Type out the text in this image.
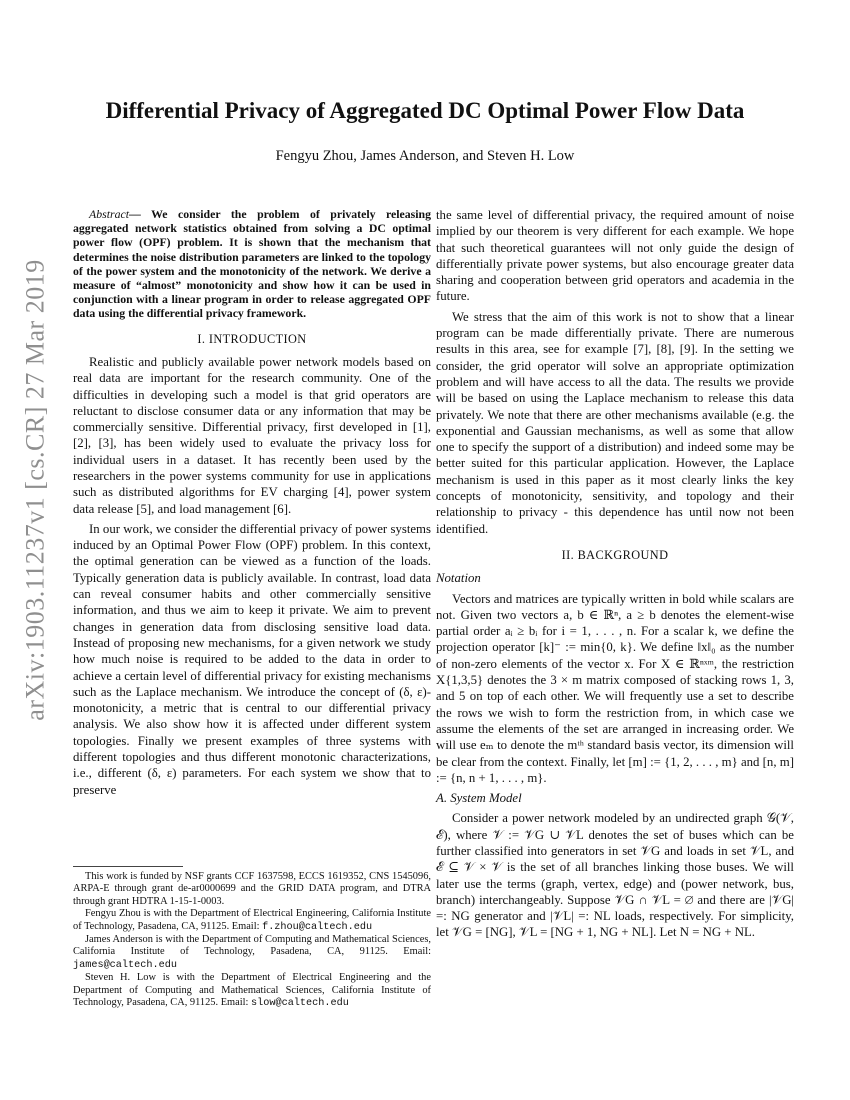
arXiv:1903.11237v1 [cs.CR] 27 Mar 2019
Differential Privacy of Aggregated DC Optimal Power Flow Data
Fengyu Zhou, James Anderson, and Steven H. Low

Abstract— We consider the problem of privately releasing aggregated network statistics obtained from solving a DC optimal power flow (OPF) problem. It is shown that the mechanism that determines the noise distribution parameters are linked to the topology of the power system and the monotonicity of the network. We derive a measure of “almost” monotonicity and show how it can be used in conjunction with a linear program in order to release aggregated OPF data using the differential privacy framework.

I. INTRODUCTION

Realistic and publicly available power network models based on real data are important for the research community. One of the difficulties in developing such a model is that grid operators are reluctant to disclose consumer data or any information that may be commercially sensitive. Differential privacy, first developed in [1], [2], [3], has been widely used to evaluate the privacy loss for individual users in a dataset. It has recently been used by the researchers in the power systems community for use in applications such as distributed algorithms for EV charging [4], power system data release [5], and load management [6].

In our work, we consider the differential privacy of power systems induced by an Optimal Power Flow (OPF) problem. In this context, the optimal generation can be viewed as a function of the loads. Typically generation data is publicly available. In contrast, load data can reveal consumer habits and other commercially sensitive information, and thus we aim to keep it private. We aim to prevent changes in generation data from disclosing sensitive load data. Instead of proposing new mechanisms, for a given network we study how much noise is required to be added to the data in order to achieve a certain level of differential privacy for existing mechanisms such as the Laplace mechanism. We introduce the concept of (δ, ε)-monotonicity, a metric that is central to our differential privacy analysis. We also show how it is affected under different system topologies. Finally we present examples of three systems with different topologies and thus different monotonic characterizations, i.e., different (δ, ε) parameters. For each system we show that to preserve

the same level of differential privacy, the required amount of noise implied by our theorem is very different for each example. We hope that such theoretical guarantees will not only guide the design of differentially private power systems, but also encourage greater data sharing and cooperation between grid operators and academia in the future.

We stress that the aim of this work is not to show that a linear program can be made differentially private. There are numerous results in this area, see for example [7], [8], [9]. In the setting we consider, the grid operator will solve an appropriate optimization problem and will have access to all the data. The results we provide will be based on using the Laplace mechanism to release this data privately. We note that there are other mechanisms available (e.g. the exponential and Gaussian mechanisms, as well as some that allow one to specify the support of a distribution) and indeed some may be better suited for this particular application. However, the Laplace mechanism is used in this paper as it most clearly links the key concepts of monotonicity, sensitivity, and topology and their relationship to privacy - this dependence has until now not been identified.

II. BACKGROUND
Notation

Vectors and matrices are typically written in bold while scalars are not. Given two vectors a, b ∈ ℝⁿ, a ≥ b denotes the element-wise partial order aᵢ ≥ bᵢ for i = 1, . . . , n. For a scalar k, we define the projection operator [k]⁻ := min{0, k}. We define ‖x‖₀ as the number of non-zero elements of the vector x. For X ∈ ℝⁿˣᵐ, the restriction X{1,3,5} denotes the 3 × m matrix composed of stacking rows 1, 3, and 5 on top of each other. We will frequently use a set to describe the rows we wish to form the restriction from, in which case we assume the elements of the set are arranged in increasing order. We will use eₘ to denote the mᵗʰ standard basis vector, its dimension will be clear from the context. Finally, let [m] := {1, 2, . . . , m} and [n, m] := {n, n + 1, . . . , m}.

A. System Model

Consider a power network modeled by an undirected graph 𝒢(𝒱, ℰ), where 𝒱 := 𝒱G ∪ 𝒱L denotes the set of buses which can be further classified into generators in set 𝒱G and loads in set 𝒱L, and ℰ ⊆ 𝒱 × 𝒱 is the set of all branches linking those buses. We will later use the terms (graph, vertex, edge) and (power network, bus, branch) interchangeably. Suppose 𝒱G ∩ 𝒱L = ∅ and there are |𝒱G| =: NG generator and |𝒱L| =: NL loads, respectively. For simplicity, let 𝒱G = [NG], 𝒱L = [NG + 1, NG + NL]. Let N = NG + NL.

This work is funded by NSF grants CCF 1637598, ECCS 1619352, CNS 1545096, ARPA-E through grant de-ar0000699 and the GRID DATA program, and DTRA through grant HDTRA 1-15-1-0003.

Fengyu Zhou is with the Department of Electrical Engineering, California Institute of Technology, Pasadena, CA, 91125. Email: f.zhou@caltech.edu

James Anderson is with the Department of Computing and Mathematical Sciences, California Institute of Technology, Pasadena, CA, 91125. Email: james@caltech.edu

Steven H. Low is with the Department of Electrical Engineering and the Department of Computing and Mathematical Sciences, California Institute of Technology, Pasadena, CA, 91125. Email: slow@caltech.edu
